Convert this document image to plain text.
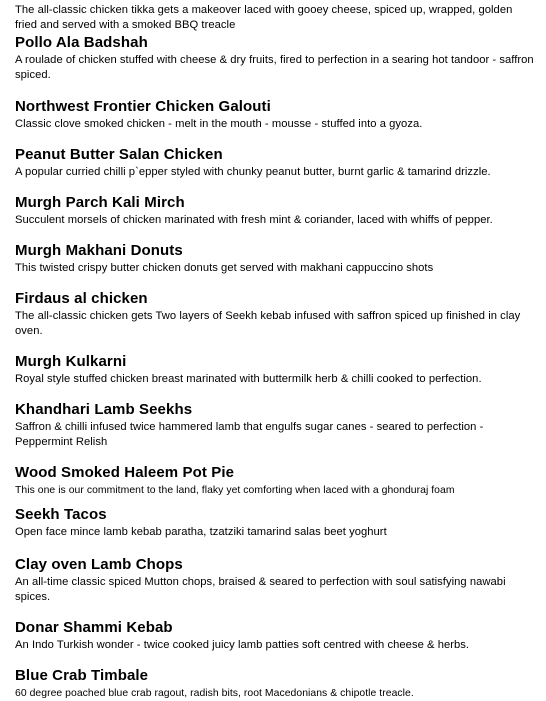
The all-classic chicken tikka gets a makeover laced with gooey cheese, spiced up, wrapped, golden fried and served with a smoked BBQ treacle

Pollo Ala Badshah

A roulade of chicken stuffed with cheese & dry fruits, fired to perfection in a searing hot tandoor - saffron spiced.

Northwest Frontier Chicken Galouti

Classic clove smoked chicken - melt in the mouth - mousse - stuffed into a gyoza.

Peanut Butter Salan Chicken

A popular curried chilli p`epper styled with chunky peanut butter, burnt garlic & tamarind drizzle.

Murgh Parch Kali Mirch

Succulent morsels of chicken marinated with fresh mint & coriander, laced with whiffs of pepper.

Murgh Makhani Donuts

This twisted crispy butter chicken donuts get served with makhani cappuccino shots

Firdaus al chicken

The all-classic chicken gets Two layers of Seekh kebab infused with saffron spiced up finished in clay oven.

Murgh Kulkarni

Royal style stuffed chicken breast marinated with buttermilk herb & chilli cooked to perfection.

Khandhari Lamb Seekhs

Saffron & chilli infused twice hammered lamb that engulfs sugar canes - seared to perfection - Peppermint Relish

Wood Smoked Haleem Pot Pie

This one is our commitment to the land, flaky yet comforting when laced with a ghonduraj foam

Seekh Tacos

Open face mince lamb kebab paratha, tzatziki tamarind salas beet yoghurt

Clay oven Lamb Chops

An all-time classic spiced Mutton chops, braised & seared to perfection with soul satisfying nawabi spices.

Donar Shammi Kebab

An Indo Turkish wonder - twice cooked juicy lamb patties soft centred with cheese & herbs.

Blue Crab Timbale

60 degree poached blue crab ragout, radish bits, root Macedonians & chipotle treacle.
